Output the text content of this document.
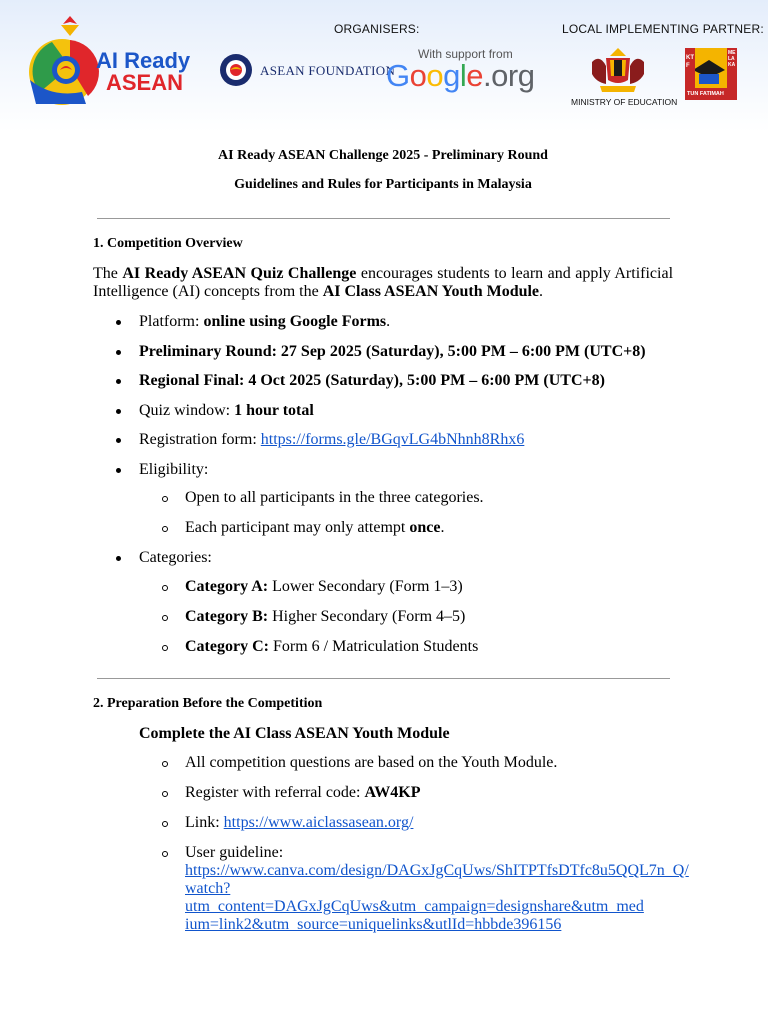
ORGANISERS:	LOCAL IMPLEMENTING PARTNER:
AI Ready
ASEAN	ASEAN FOUNDATION
With support from
Google.org
MINISTRY OF EDUCATION
KTF
MELAKA
TUN FATIMAH
AI Ready ASEAN Challenge 2025 - Preliminary Round
Guidelines and Rules for Participants in Malaysia
1. Competition Overview

The AI Ready ASEAN Quiz Challenge encourages students to learn and apply Artificial Intelligence (AI) concepts from the AI Class ASEAN Youth Module.

Platform: online using Google Forms.
Preliminary Round: 27 Sep 2025 (Saturday), 5:00 PM – 6:00 PM (UTC+8)
Regional Final: 4 Oct 2025 (Saturday), 5:00 PM – 6:00 PM (UTC+8)
Quiz window: 1 hour total
Registration form: https://forms.gle/BGqvLG4bNhnh8Rhx6
Eligibility:
Open to all participants in the three categories.
Each participant may only attempt once.
Categories:
Category A: Lower Secondary (Form 1–3)
Category B: Higher Secondary (Form 4–5)
Category C: Form 6 / Matriculation Students
2. Preparation Before the Competition
Complete the AI Class ASEAN Youth Module
All competition questions are based on the Youth Module.
Register with referral code: AW4KP
Link: https://www.aiclassasean.org/
User guideline:
https://www.canva.com/design/DAGxJgCqUws/ShITPTfsDTfc8u5QQL7n_Q/
watch?utm_content=DAGxJgCqUws&utm_campaign=designshare&utm_med
ium=link2&utm_source=uniquelinks&utlId=hbbde396156
